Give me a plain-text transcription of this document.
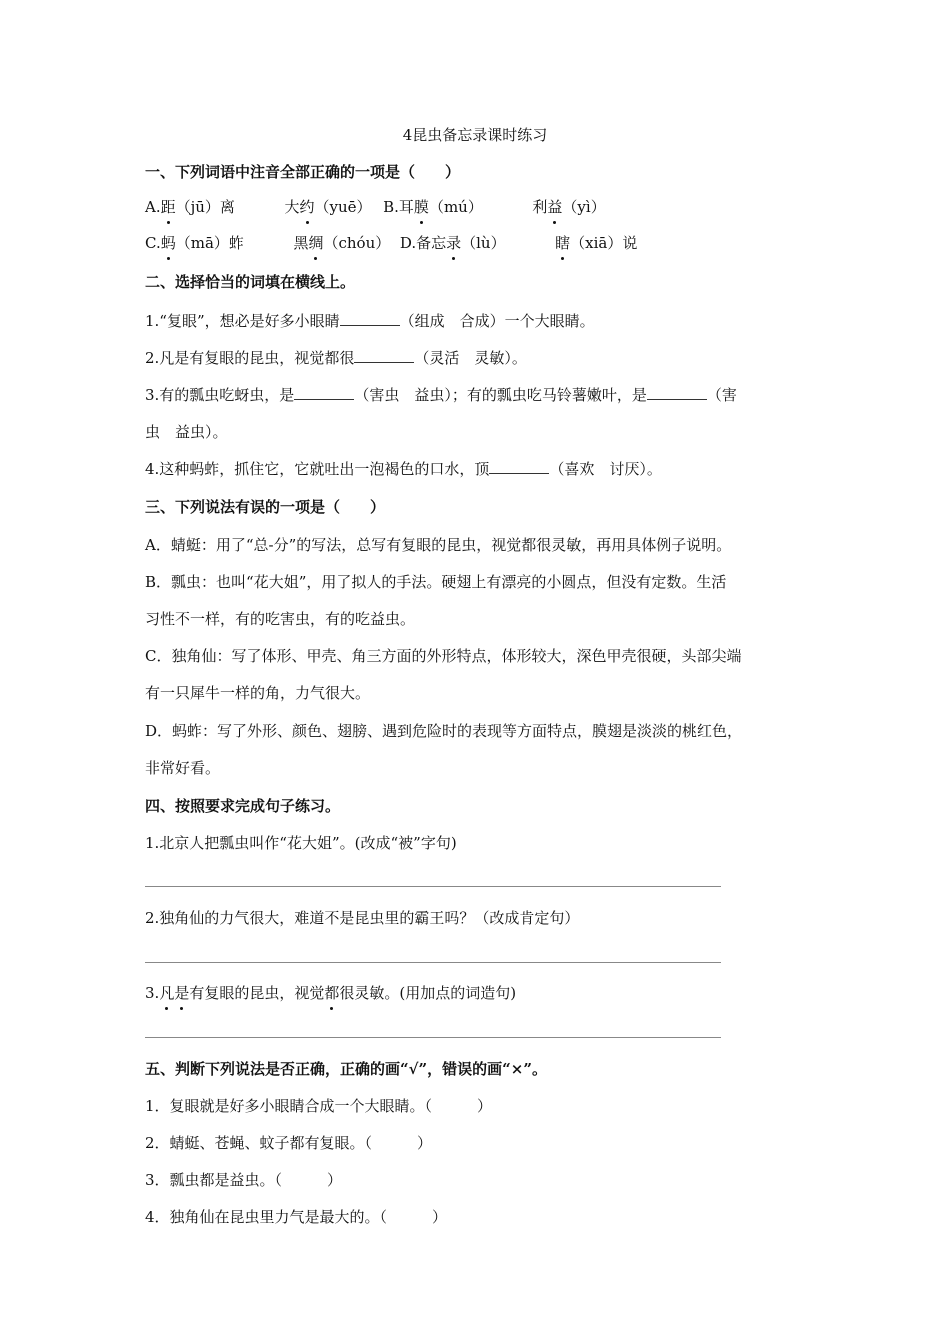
4昆虫备忘录课时练习
一、下列词语中注音全部正确的一项是（　　）
A.距（jū）离	大约（yuē） B.耳膜（mú）	利益（yì）
C.蚂（mā）蚱	黑绸（chóu） D.备忘录（lù）	瞎（xiā）说
二、选择恰当的词填在横线上。
1.“复眼”，想必是好多小眼睛	（组成　合成）一个大眼睛。
2.凡是有复眼的昆虫，视觉都很	（灵活　灵敏）。
3.有的瓢虫吃蚜虫，是	（害虫　益虫）；有的瓢虫吃马铃薯嫩叶，是	（害
虫　益虫）。
4.这种蚂蚱，抓住它，它就吐出一泡褐色的口水，顶	（喜欢　讨厌）。
三、下列说法有误的一项是（　　）
A．蜻蜓：用了“总-分”的写法，总写有复眼的昆虫，视觉都很灵敏，再用具体例子说明。
B．瓢虫：也叫“花大姐”，用了拟人的手法。硬翅上有漂亮的小圆点，但没有定数。生活
习性不一样，有的吃害虫，有的吃益虫。
C．独角仙：写了体形、甲壳、角三方面的外形特点，体形较大，深色甲壳很硬，头部尖端
有一只犀牛一样的角，力气很大。
D．蚂蚱：写了外形、颜色、翅膀、遇到危险时的表现等方面特点，膜翅是淡淡的桃红色，
非常好看。
四、按照要求完成句子练习。
1.北京人把瓢虫叫作“花大姐”。(改成“被”字句)
2.独角仙的力气很大，难道不是昆虫里的霸王吗？（改成肯定句）
3.凡是有复眼的昆虫，视觉都很灵敏。(用加点的词造句)
五、判断下列说法是否正确，正确的画“√”，错误的画“×”。
1．复眼就是好多小眼睛合成一个大眼睛。（　　　）
2．蜻蜓、苍蝇、蚊子都有复眼。（　　　）
3．瓢虫都是益虫。（　　　）
4．独角仙在昆虫里力气是最大的。（　　　）
